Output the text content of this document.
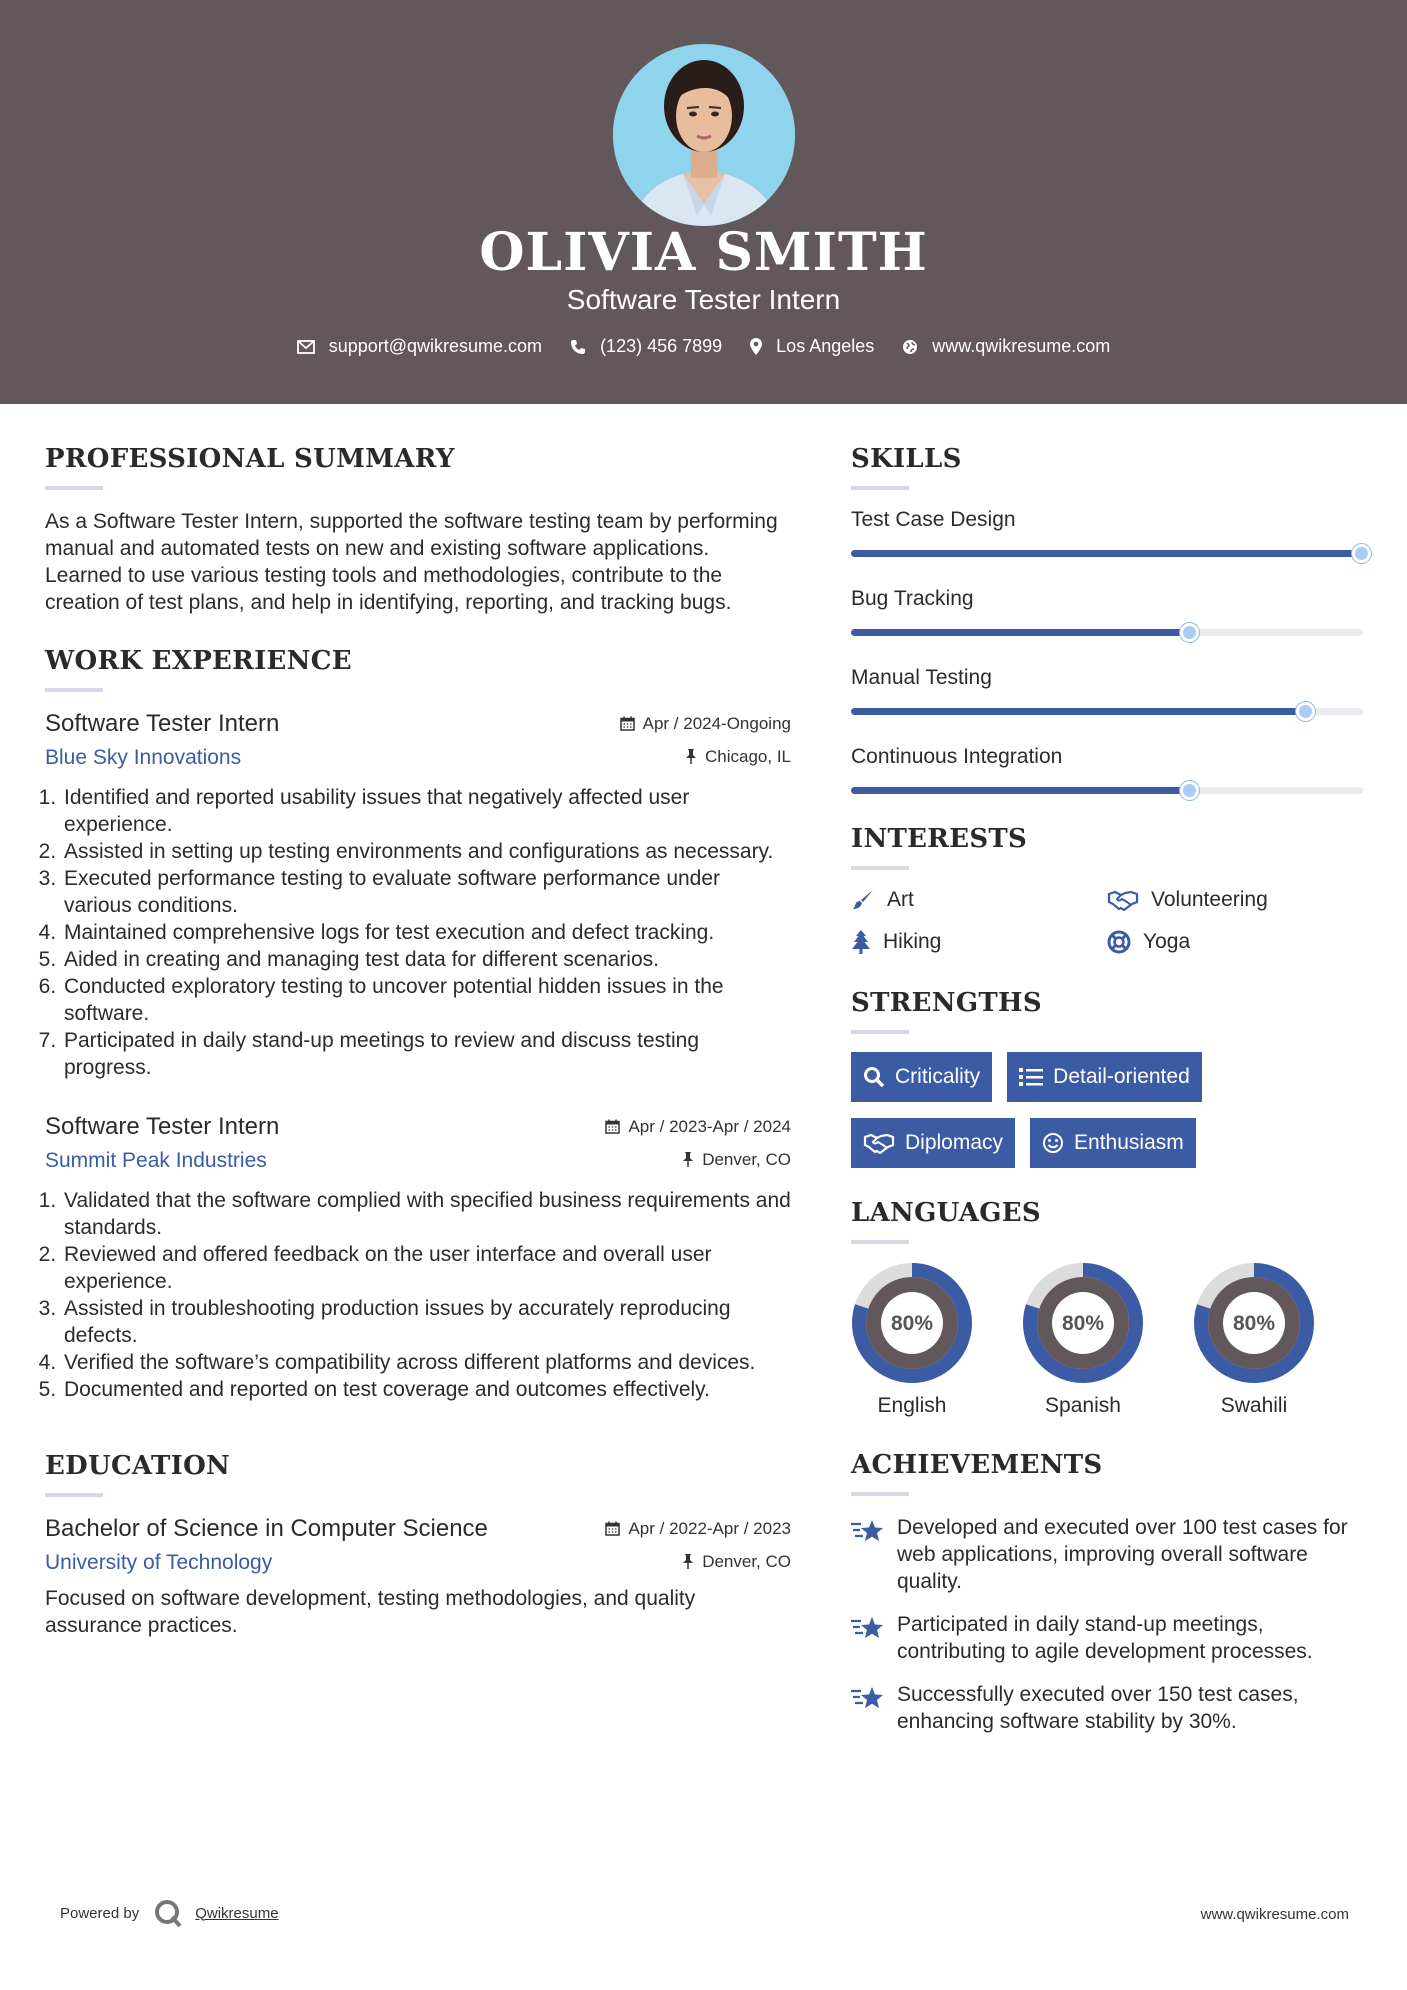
OLIVIA SMITH
Software Tester Intern
support@qwikresume.com	(123) 456 7899	Los Angeles	www.qwikresume.com
PROFESSIONAL SUMMARY

As a Software Tester Intern, supported the software testing team by performing manual and automated tests on new and existing software applications. Learned to use various testing tools and methodologies, contribute to the creation of test plans, and help in identifying, reporting, and tracking bugs.

WORK EXPERIENCE
Software Tester Intern	Apr / 2024-Ongoing
Blue Sky Innovations	Chicago, IL
1. Identified and reported usability issues that negatively affected user experience.
2. Assisted in setting up testing environments and configurations as necessary.
3. Executed performance testing to evaluate software performance under various conditions.
4. Maintained comprehensive logs for test execution and defect tracking.
5. Aided in creating and managing test data for different scenarios.
6. Conducted exploratory testing to uncover potential hidden issues in the software.
7. Participated in daily stand-up meetings to review and discuss testing progress.
Software Tester Intern	Apr / 2023-Apr / 2024
Summit Peak Industries	Denver, CO
1. Validated that the software complied with specified business requirements and standards.
2. Reviewed and offered feedback on the user interface and overall user experience.
3. Assisted in troubleshooting production issues by accurately reproducing defects.
4. Verified the software’s compatibility across different platforms and devices.
5. Documented and reported on test coverage and outcomes effectively.
EDUCATION
Bachelor of Science in Computer Science	Apr / 2022-Apr / 2023
University of Technology	Denver, CO

Focused on software development, testing methodologies, and quality assurance practices.

SKILLS
Test Case Design
Bug Tracking
Manual Testing
Continuous Integration
INTERESTS
Art	Volunteering
Hiking	Yoga
STRENGTHS
Criticality	Detail-oriented
Diplomacy	Enthusiasm
LANGUAGES
80%
English
80%
Spanish
80%
Swahili
ACHIEVEMENTS
Developed and executed over 100 test cases for web applications, improving overall software quality.
Participated in daily stand-up meetings, contributing to agile development processes.
Successfully executed over 150 test cases, enhancing software stability by 30%.
Powered by	Qwikresume	www.qwikresume.com
